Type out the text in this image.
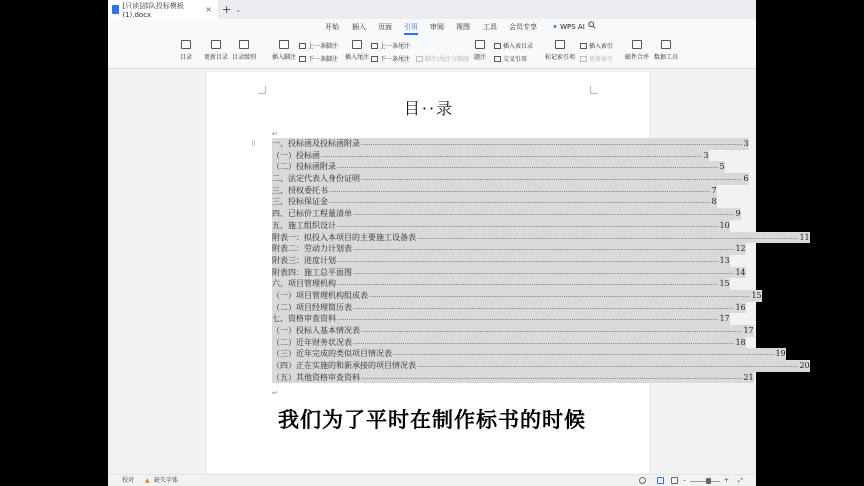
[只读]部队投标模板(1).docx
× + ⌄
开始 插入 页面 引用 审阅 视图 工具 会员专享 ✦ WPS AI
目录 更新目录 目录级别	插入脚注
上一条脚注
下一条脚注 插入尾注
上一条尾注
下一条尾注 脚注/尾注分隔线 题注
插入表目录
交叉引用	标记索引项
插入索引
更新索引 邮件合并 数据工具
目··录
↵
⠿ 一、投标函及投标函附录 ........................................................................................................................................................................................................ 3
（一）投标函 ........................................................................................................................................................................................................ 3
（二）投标函附录 ........................................................................................................................................................................................................ 5
二、法定代表人身份证明 ........................................................................................................................................................................................................ 6
三、授权委托书 ........................................................................................................................................................................................................ 7
三、投标保证金 ........................................................................................................................................................................................................ 8
四、已标价工程量清单 ........................................................................................................................................................................................................ 9
五、施工组织设计 ........................................................................................................................................................................................................ 10
附表一：拟投入本项目的主要施工设备表 ........................................................................................................................................................................................................ 11
附表二：劳动力计划表 ........................................................................................................................................................................................................ 12
附表三：进度计划 ........................................................................................................................................................................................................ 13
附表四：施工总平面图 ........................................................................................................................................................................................................ 14
六、项目管理机构 ........................................................................................................................................................................................................ 15
（一）项目管理机构组成表 ........................................................................................................................................................................................................ 15
（二）项目经理简历表 ........................................................................................................................................................................................................ 16
七、资格审查资料 ........................................................................................................................................................................................................ 17
（一）投标人基本情况表 ........................................................................................................................................................................................................ 17
（二）近年财务状况表 ........................................................................................................................................................................................................ 18
（三）近年完成的类似项目情况表 ........................................................................................................................................................................................................ 19
（四）正在实施的和新承接的项目情况表 ........................................................................................................................................................................................................ 20
（五）其他资格审查资料 ........................................................................................................................................................................................................ 21
↵
我们为了平时在制作标书的时候
校对 ▲ 缺失字体	–	+ ⤢
